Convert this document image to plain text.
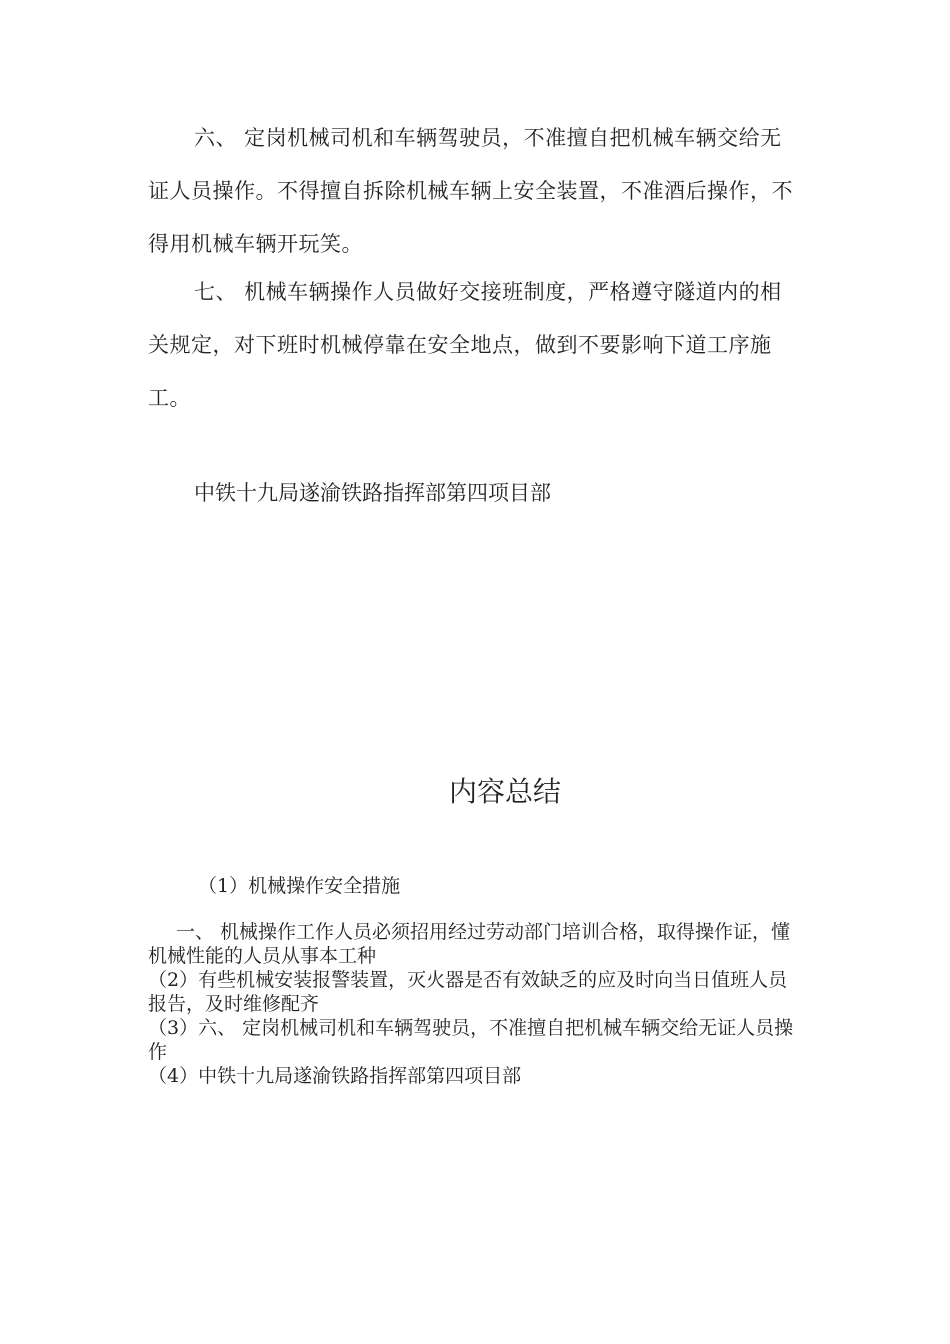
六、 定岗机械司机和车辆驾驶员，不准擅自把机械车辆交给无证人员操作。不得擅自拆除机械车辆上安全装置，不准酒后操作，不得用机械车辆开玩笑。

七、 机械车辆操作人员做好交接班制度，严格遵守隧道内的相关规定，对下班时机械停靠在安全地点，做到不要影响下道工序施工。

中铁十九局遂渝铁路指挥部第四项目部

内容总结

（1）机械操作安全措施

一、 机械操作工作人员必须招用经过劳动部门培训合格，取得操作证，懂机械性能的人员从事本工种

（2）有些机械安装报警装置，灭火器是否有效缺乏的应及时向当日值班人员报告，及时维修配齐

（3）六、 定岗机械司机和车辆驾驶员，不准擅自把机械车辆交给无证人员操作

（4）中铁十九局遂渝铁路指挥部第四项目部
